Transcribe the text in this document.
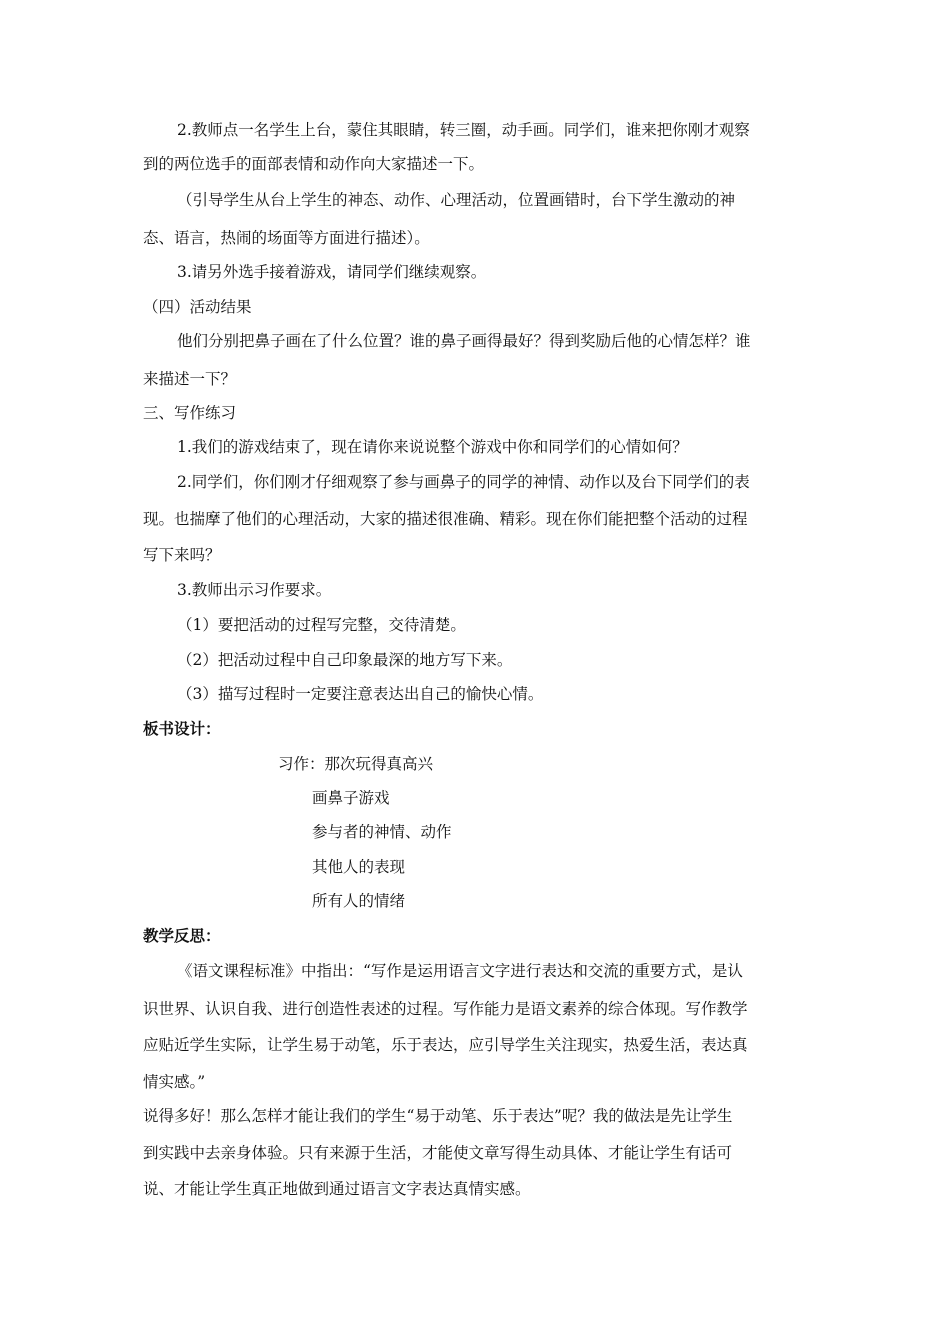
2.教师点一名学生上台，蒙住其眼睛，转三圈，动手画。同学们，谁来把你刚才观察
到的两位选手的面部表情和动作向大家描述一下。
（引导学生从台上学生的神态、动作、心理活动，位置画错时，台下学生激动的神
态、语言，热闹的场面等方面进行描述）。
3.请另外选手接着游戏，请同学们继续观察。
（四）活动结果
他们分别把鼻子画在了什么位置？谁的鼻子画得最好？得到奖励后他的心情怎样？谁
来描述一下？
三、写作练习
1.我们的游戏结束了，现在请你来说说整个游戏中你和同学们的心情如何？
2.同学们，你们刚才仔细观察了参与画鼻子的同学的神情、动作以及台下同学们的表
现。也揣摩了他们的心理活动，大家的描述很准确、精彩。现在你们能把整个活动的过程
写下来吗？
3.教师出示习作要求。
（1）要把活动的过程写完整，交待清楚。
（2）把活动过程中自己印象最深的地方写下来。
（3）描写过程时一定要注意表达出自己的愉快心情。
板书设计：
习作：那次玩得真高兴
画鼻子游戏
参与者的神情、动作
其他人的表现
所有人的情绪
教学反思：
《语文课程标准》中指出：“写作是运用语言文字进行表达和交流的重要方式，是认
识世界、认识自我、进行创造性表述的过程。写作能力是语文素养的综合体现。写作教学
应贴近学生实际，让学生易于动笔，乐于表达，应引导学生关注现实，热爱生活，表达真
情实感。”
说得多好！那么怎样才能让我们的学生“易于动笔、乐于表达”呢？我的做法是先让学生
到实践中去亲身体验。只有来源于生活，才能使文章写得生动具体、才能让学生有话可
说、才能让学生真正地做到通过语言文字表达真情实感。
